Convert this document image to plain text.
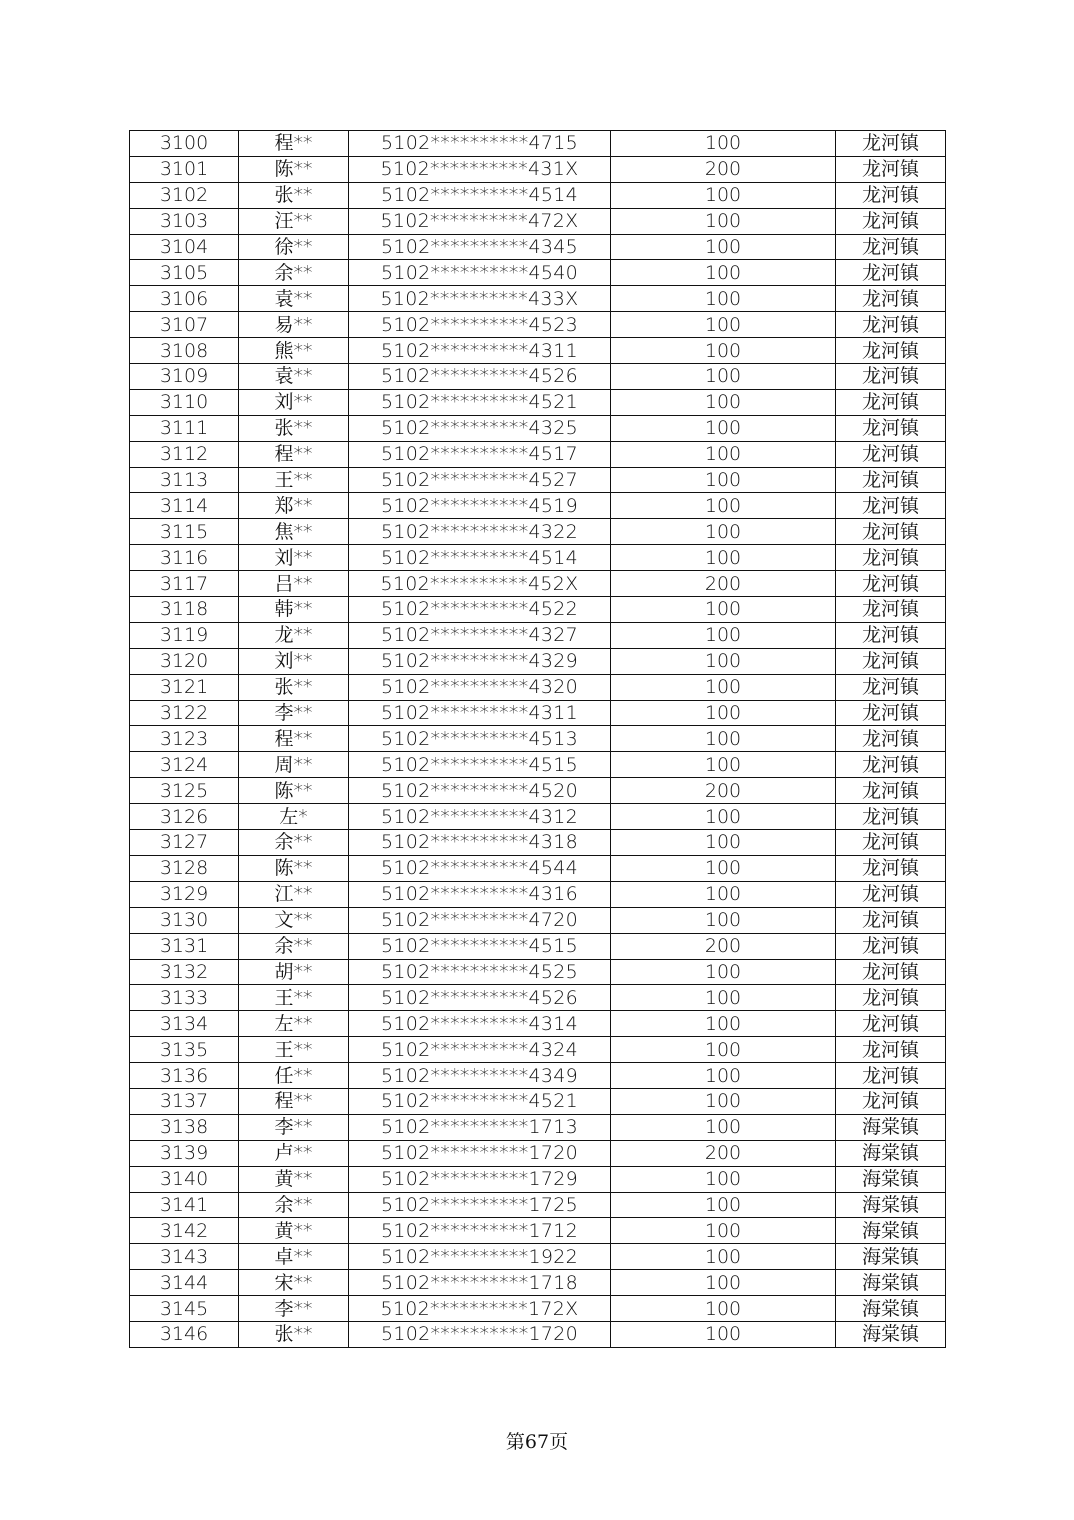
3100	程**	5102**********4715	100	龙河镇
3101	陈**	5102**********431X	200	龙河镇
3102	张**	5102**********4514	100	龙河镇
3103	汪**	5102**********472X	100	龙河镇
3104	徐**	5102**********4345	100	龙河镇
3105	余**	5102**********4540	100	龙河镇
3106	袁**	5102**********433X	100	龙河镇
3107	易**	5102**********4523	100	龙河镇
3108	熊**	5102**********4311	100	龙河镇
3109	袁**	5102**********4526	100	龙河镇
3110	刘**	5102**********4521	100	龙河镇
3111	张**	5102**********4325	100	龙河镇
3112	程**	5102**********4517	100	龙河镇
3113	王**	5102**********4527	100	龙河镇
3114	郑**	5102**********4519	100	龙河镇
3115	焦**	5102**********4322	100	龙河镇
3116	刘**	5102**********4514	100	龙河镇
3117	吕**	5102**********452X	200	龙河镇
3118	韩**	5102**********4522	100	龙河镇
3119	龙**	5102**********4327	100	龙河镇
3120	刘**	5102**********4329	100	龙河镇
3121	张**	5102**********4320	100	龙河镇
3122	李**	5102**********4311	100	龙河镇
3123	程**	5102**********4513	100	龙河镇
3124	周**	5102**********4515	100	龙河镇
3125	陈**	5102**********4520	200	龙河镇
3126	左*	5102**********4312	100	龙河镇
3127	余**	5102**********4318	100	龙河镇
3128	陈**	5102**********4544	100	龙河镇
3129	江**	5102**********4316	100	龙河镇
3130	文**	5102**********4720	100	龙河镇
3131	余**	5102**********4515	200	龙河镇
3132	胡**	5102**********4525	100	龙河镇
3133	王**	5102**********4526	100	龙河镇
3134	左**	5102**********4314	100	龙河镇
3135	王**	5102**********4324	100	龙河镇
3136	任**	5102**********4349	100	龙河镇
3137	程**	5102**********4521	100	龙河镇
3138	李**	5102**********1713	100	海棠镇
3139	卢**	5102**********1720	200	海棠镇
3140	黄**	5102**********1729	100	海棠镇
3141	余**	5102**********1725	100	海棠镇
3142	黄**	5102**********1712	100	海棠镇
3143	卓**	5102**********1922	100	海棠镇
3144	宋**	5102**********1718	100	海棠镇
3145	李**	5102**********172X	100	海棠镇
3146	张**	5102**********1720	100	海棠镇
第67页
